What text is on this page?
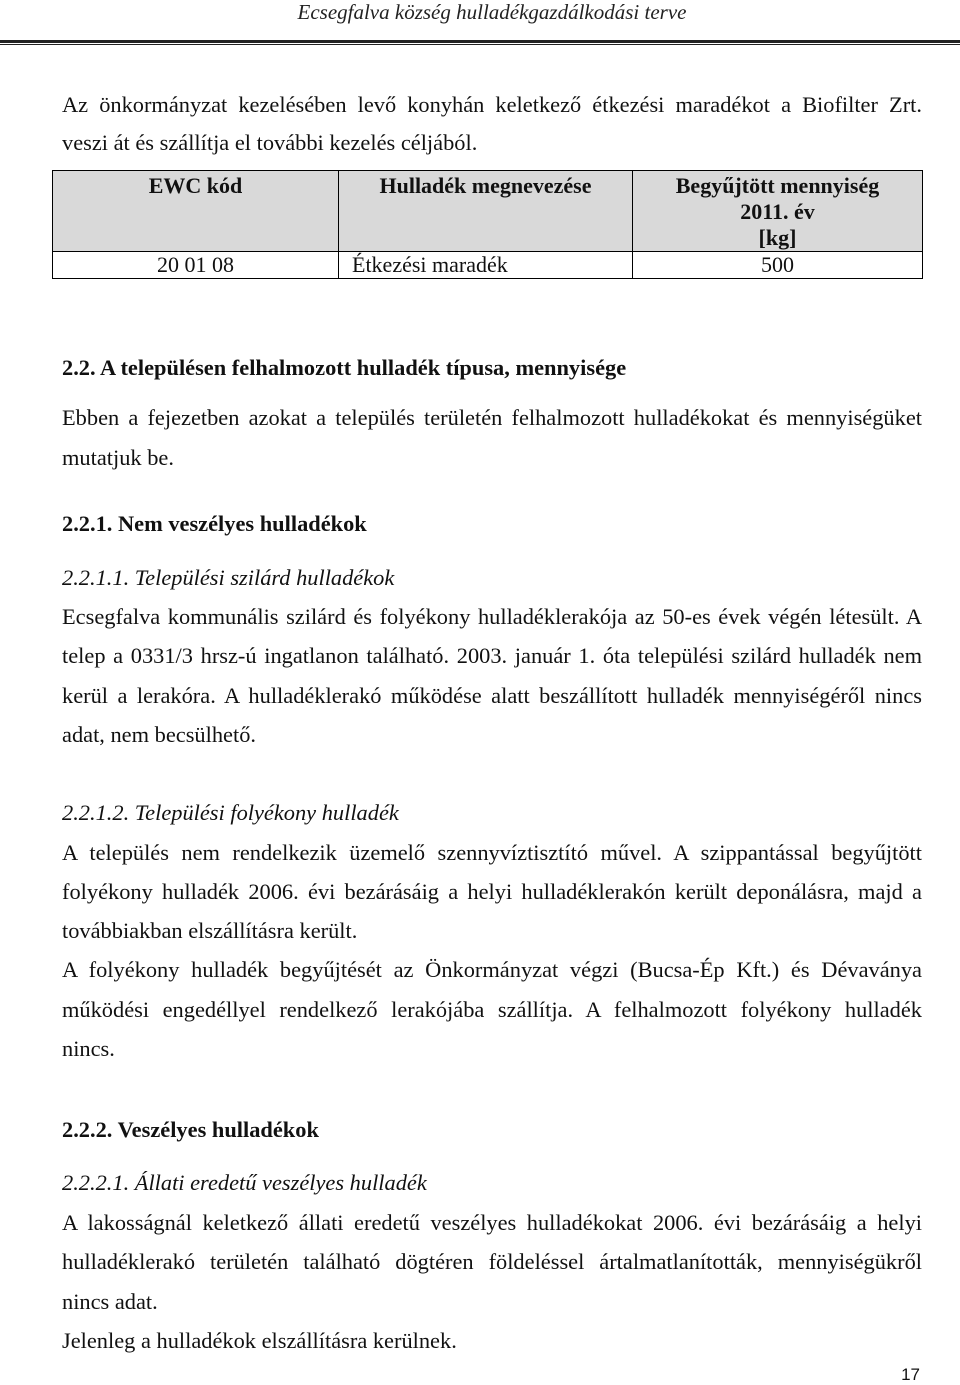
Ecsegfalva község hulladékgazdálkodási terve
Az önkormányzat kezelésében levő konyhán keletkező étkezési maradékot a Biofilter Zrt.
veszi át és szállítja el további kezelés céljából.
EWC kód	Hulladék megnevezése	Begyűjtött mennyiség
2011. év
[kg]

20 01 08	Étkezési maradék	500
2.2. A településen felhalmozott hulladék típusa, mennyisége
Ebben a fejezetben azokat a település területén felhalmozott hulladékokat és mennyiségüket
mutatjuk be.
2.2.1. Nem veszélyes hulladékok
2.2.1.1. Települési szilárd hulladékok
Ecsegfalva kommunális szilárd és folyékony hulladéklerakója az 50-es évek végén létesült. A
telep a 0331/3 hrsz-ú ingatlanon található. 2003. január 1. óta települési szilárd hulladék nem
kerül a lerakóra. A hulladéklerakó működése alatt beszállított hulladék mennyiségéről nincs
adat, nem becsülhető.
2.2.1.2. Települési folyékony hulladék
A település nem rendelkezik üzemelő szennyvíztisztító művel. A szippantással begyűjtött
folyékony hulladék 2006. évi bezárásáig a helyi hulladéklerakón került deponálásra, majd a
továbbiakban elszállításra került.
A folyékony hulladék begyűjtését az Önkormányzat végzi (Bucsa-Ép Kft.) és Dévaványa
működési engedéllyel rendelkező lerakójába szállítja. A felhalmozott folyékony hulladék
nincs.
2.2.2. Veszélyes hulladékok
2.2.2.1. Állati eredetű veszélyes hulladék
A lakosságnál keletkező állati eredetű veszélyes hulladékokat 2006. évi bezárásáig a helyi
hulladéklerakó területén található dögtéren földeléssel ártalmatlanították, mennyiségükről
nincs adat.
Jelenleg a hulladékok elszállításra kerülnek.
17
